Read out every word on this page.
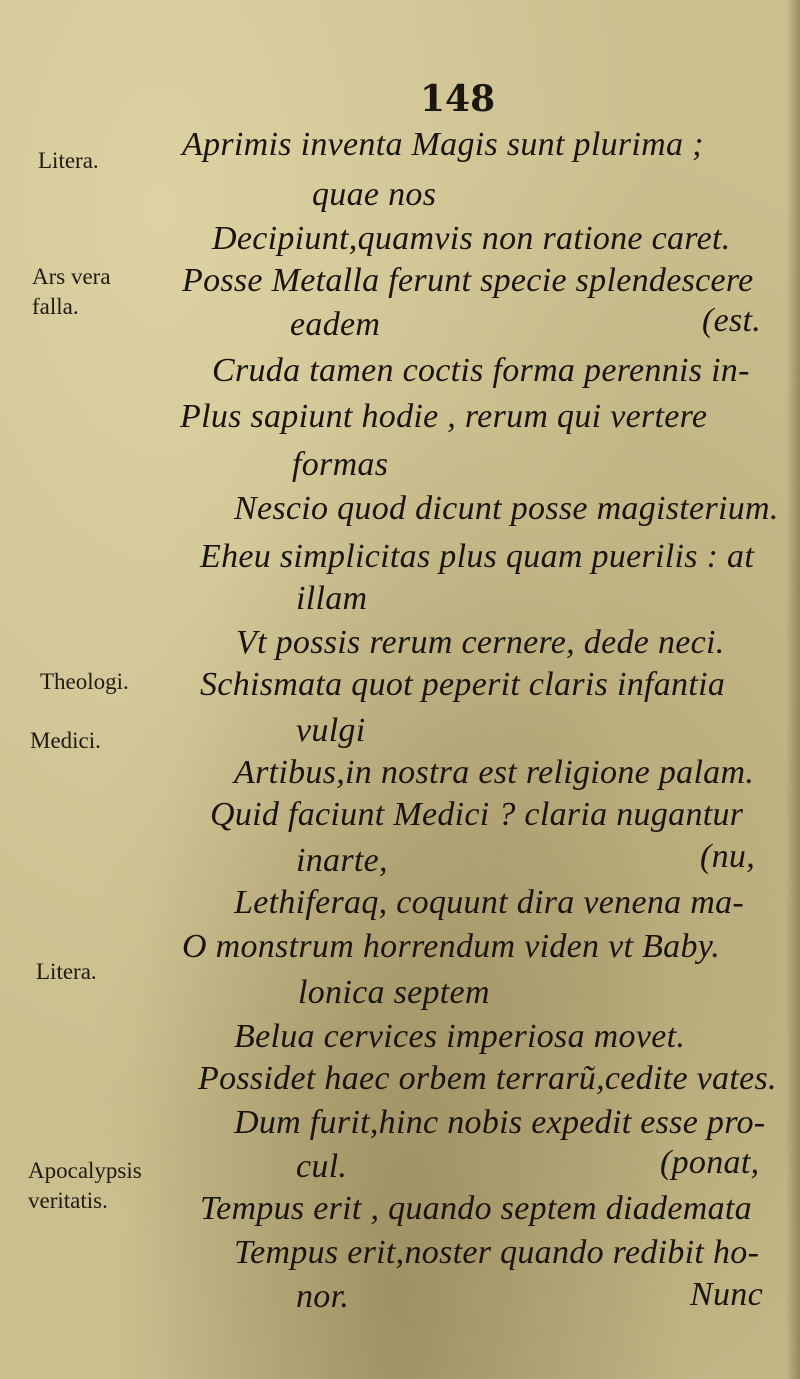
148
Litera.
Ars vera falla.
Theologi.
Medici.
Litera.
Apocalypsis veritatis.
Aprimis inventa Magis sunt plurima ;
quae nos
Decipiunt,quamvis non ratione caret.
Posse Metalla ferunt specie splendescere
eadem	(est.
Cruda tamen coctis forma perennis in-
Plus sapiunt hodie , rerum qui vertere
formas
Nescio quod dicunt posse magisterium.
Eheu simplicitas plus quam puerilis : at
illam
Vt possis rerum cernere, dede neci.
Schismata quot peperit claris infantia
vulgi
Artibus,in nostra est religione palam.
Quid faciunt Medici ? claria nugantur
inarte,	(nu,
Lethiferaq, coquunt dira venena ma-
O monstrum horrendum viden vt Baby.
lonica septem
Belua cervices imperiosa movet.
Possidet haec orbem terrarũ,cedite vates.
Dum furit,hinc nobis expedit esse pro-
cul.	(ponat,
Tempus erit , quando septem diademata
Tempus erit,noster quando redibit ho-
nor.	Nunc
